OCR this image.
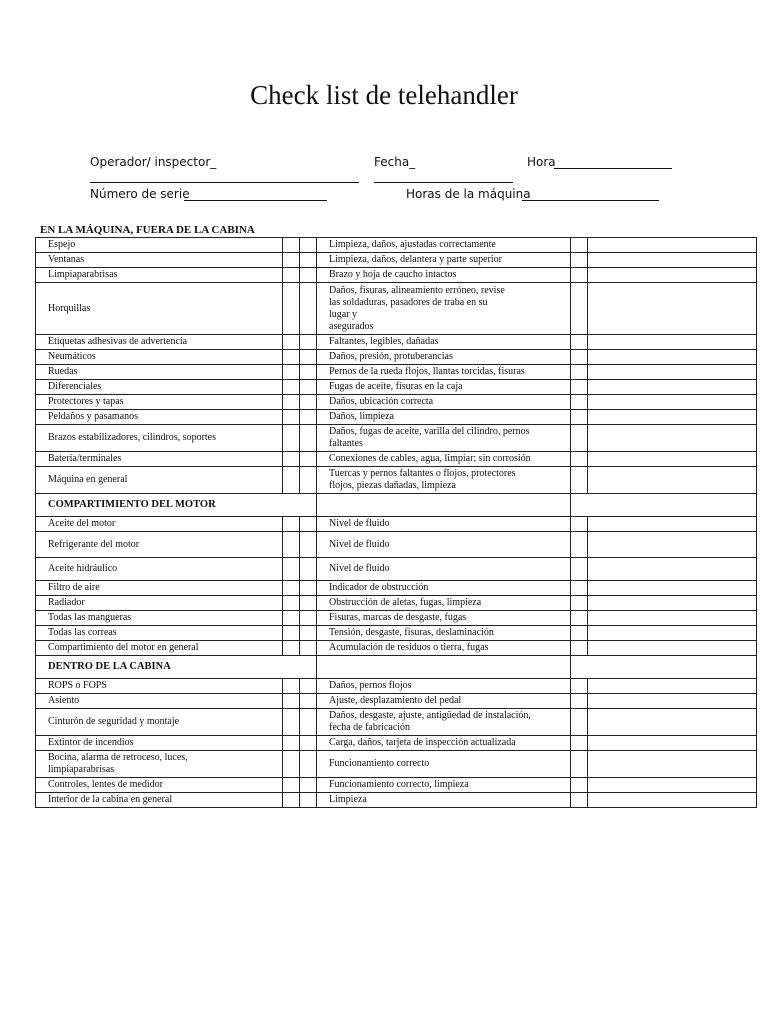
Check list de telehandler
Operador/ inspector_	Fecha_	Hora
Número de serie	Horas de la máquina
EN LA MÁQUINA, FUERA DE LA CABINA
Espejo			Limpieza, daños, ajustadas correctamente		
Ventanas			Limpieza, daños, delantera y parte superior		
Limpiaparabrisas			Brazo y hoja de caucho intactos		
Horquillas			Daños, fisuras, alineamiento erróneo, revise
las soldaduras, pasadores de traba en su
lugar y
asegurados		
Etiquetas adhesivas de advertencia			Faltantes, legibles, dañadas		
Neumáticos			Daños, presión, protuberancias		
Ruedas			Pernos de la rueda flojos, llantas torcidas, fisuras		
Diferenciales			Fugas de aceite, fisuras en la caja		
Protectores y tapas			Daños, ubicación correcta		
Peldaños y pasamanos			Daños, limpieza		
Brazos estabilizadores, cilindros, soportes			Daños, fugas de aceite, varilla del cilindro, pernos
faltantes		
Batería/terminales			Conexiones de cables, agua, limpiar; sin corrosión		
Máquina en general			Tuercas y pernos faltantes o flojos, protectores
flojos, piezas dañadas, limpieza		
COMPARTIMIENTO DEL MOTOR					
Aceite del motor			Nivel de fluido		
Refrigerante del motor			Nivel de fluido		
Aceite hidráulico			Nivel de fluido		
Filtro de aire			Indicador de obstrucción		
Radiador			Obstrucción de aletas, fugas, limpieza		
Todas las mangueras			Fisuras, marcas de desgaste, fugas		
Todas las correas			Tensión, desgaste, fisuras, deslaminación		
Compartimiento del motor en general			Acumulación de residuos o tierra, fugas		
DENTRO DE LA CABINA					
ROPS o FOPS			Daños, pernos flojos		
Asiento			Ajuste, desplazamiento del pedal		
Cinturón de seguridad y montaje			Daños, desgaste, ajuste, antigüedad de instalación,
fecha de fabricación		
Extintor de incendios			Carga, daños, tarjeta de inspección actualizada		
Bocina, alarma de retroceso, luces,
limpiaparabrisas			Funcionamiento correcto		
Controles, lentes de medidor			Funcionamiento correcto, limpieza		
Interior de la cabina en general			Limpieza		
